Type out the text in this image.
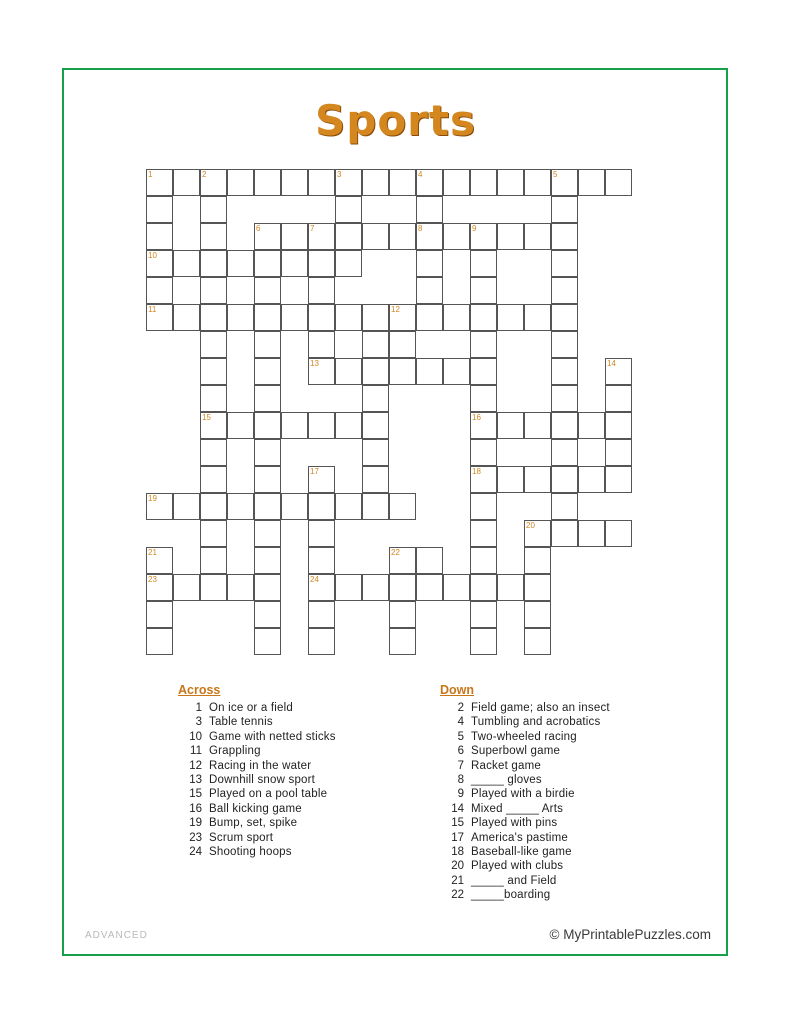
Sports
1	2	3	4	5
6	7	8	9
10
11	12
13	14
15	16
17	18
19
20
21	22
23	24
Across
1 On ice or a field
3 Table tennis
10 Game with netted sticks
11 Grappling
12 Racing in the water
13 Downhill snow sport
15 Played on a pool table
16 Ball kicking game
19 Bump, set, spike
23 Scrum sport
24 Shooting hoops
Down
2 Field game; also an insect
4 Tumbling and acrobatics
5 Two-wheeled racing
6 Superbowl game
7 Racket game
8 _____ gloves
9 Played with a birdie
14 Mixed _____ Arts
15 Played with pins
17 America's pastime
18 Baseball-like game
20 Played with clubs
21 _____ and Field
22 _____boarding
ADVANCED	© MyPrintablePuzzles.com
